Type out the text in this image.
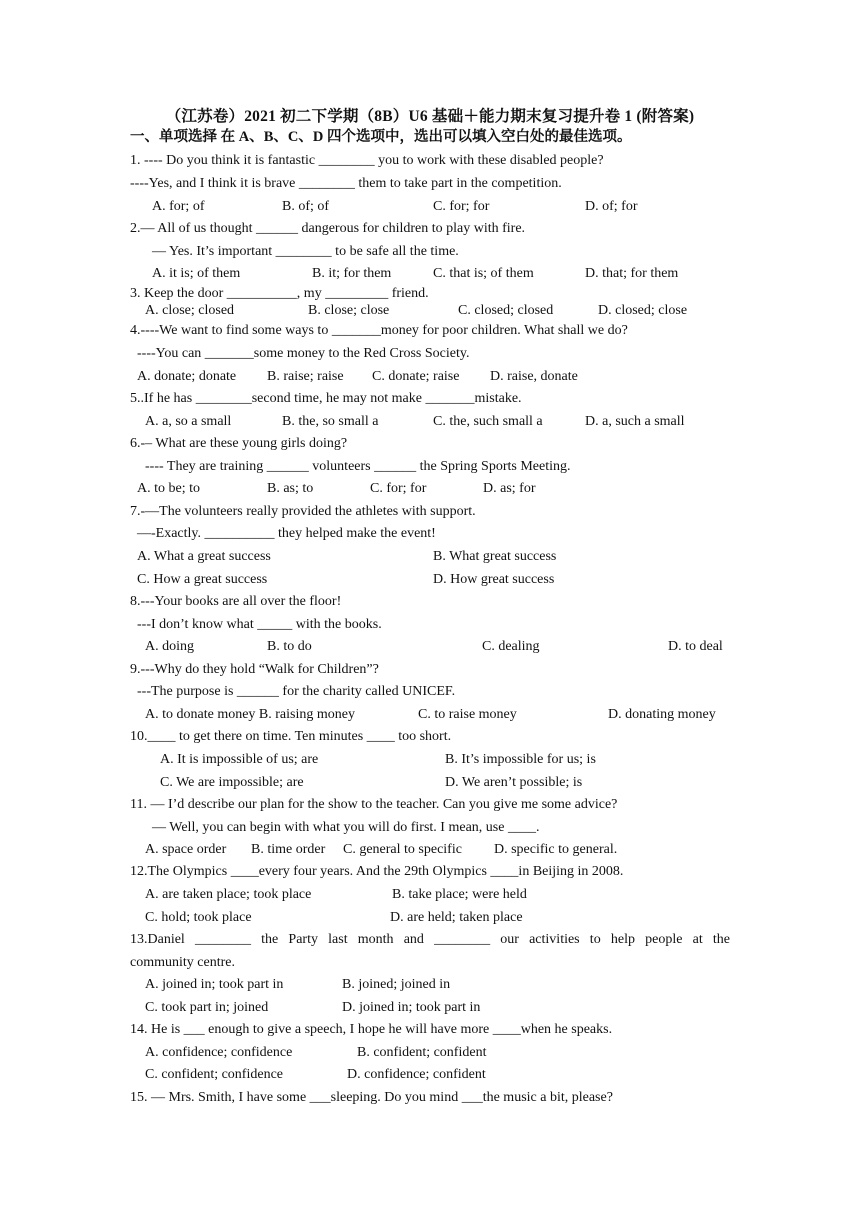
（江苏卷）2021 初二下学期（8B）U6 基础＋能力期末复习提升卷 1 (附答案)
一、单项选择 在 A、B、C、D 四个选项中，选出可以填入空白处的最佳选项。
1. ---- Do you think it is fantastic ________ you to work with these disabled people?
----Yes, and I think it is brave ________ them to take part in the competition.
A. for; of	B. of; of	C. for; for	D. of; for
2.— All of us thought ______ dangerous for children to play with fire.
— Yes. It’s important ________ to be safe all the time.
A. it is; of them	B. it; for them	C. that is; of them	D. that; for them
3. Keep the door __________, my _________ friend.
A. close; closed	B. close; close	C. closed; closed	D. closed; close
4.----We want to find some ways to _______money for poor children. What shall we do?
----You can _______some money to the Red Cross Society.
A. donate; donate B. raise; raise C. donate; raise D. raise, donate
5..If he has ________second time, he may not make _______mistake.
A. a, so a small	B. the, so small a	C. the, such small a	D. a, such a small
6.-– What are these young girls doing?
---- They are training ______ volunteers ______ the Spring Sports Meeting.
A. to be; to	B. as; to	C. for; for	D. as; for
7.-—The volunteers really provided the athletes with support.
—-Exactly. __________ they helped make the event!
A. What a great success	B. What great success
C. How a great success	D. How great success
8.---Your books are all over the floor!
---I don’t know what _____ with the books.
A. doing	B. to do	C. dealing	D. to deal
9.---Why do they hold “Walk for Children”?
---The purpose is ______ for the charity called UNICEF.
A. to donate money B. raising money	C. to raise money	D. donating money
10.____ to get there on time. Ten minutes ____ too short.
A. It is impossible of us; are	B. It’s impossible for us; is
C. We are impossible; are	D. We aren’t possible; is
11. — I’d describe our plan for the show to the teacher. Can you give me some advice?
— Well, you can begin with what you will do first. I mean, use ____.
A. space order B. time order C. general to specific D. specific to general.
12.The Olympics ____every four years. And the 29th Olympics ____in Beijing in 2008.
A. are taken place; took place	B. take place; were held
C. hold; took place	D. are held; taken place
13.Daniel ________ the Party last month and ________ our activities to help people at the
community centre.
A. joined in; took part in	B. joined; joined in
C. took part in; joined	D. joined in; took part in
14. He is ___ enough to give a speech, I hope he will have more ____when he speaks.
A. confidence; confidence	B. confident; confident
C. confident; confidence	D. confidence; confident
15. — Mrs. Smith, I have some ___sleeping. Do you mind ___the music a bit, please?
